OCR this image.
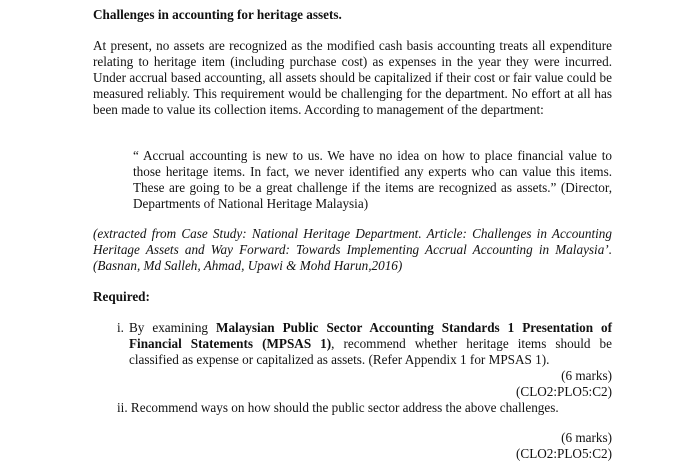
Challenges in accounting for heritage assets.
At present, no assets are recognized as the modified cash basis accounting treats all expenditure relating to heritage item (including purchase cost) as expenses in the year they were incurred. Under accrual based accounting, all assets should be capitalized if their cost or fair value could be measured reliably. This requirement would be challenging for the department. No effort at all has been made to value its collection items. According to management of the department:
“ Accrual accounting is new to us. We have no idea on how to place financial value to those heritage items. In fact, we never identified any experts who can value this items. These are going to be a great challenge if the items are recognized as assets.” (Director, Departments of National Heritage Malaysia)
(extracted from Case Study: National Heritage Department. Article: Challenges in Accounting Heritage Assets and Way Forward: Towards Implementing Accrual Accounting in Malaysia’. (Basnan, Md Salleh, Ahmad, Upawi & Mohd Harun,2016)
Required:
i. By examining Malaysian Public Sector Accounting Standards 1 Presentation of Financial Statements (MPSAS 1), recommend whether heritage items should be classified as expense or capitalized as assets. (Refer Appendix 1 for MPSAS 1).
(6 marks)
(CLO2:PLO5:C2)
ii. Recommend ways on how should the public sector address the above challenges.
(6 marks)
(CLO2:PLO5:C2)
